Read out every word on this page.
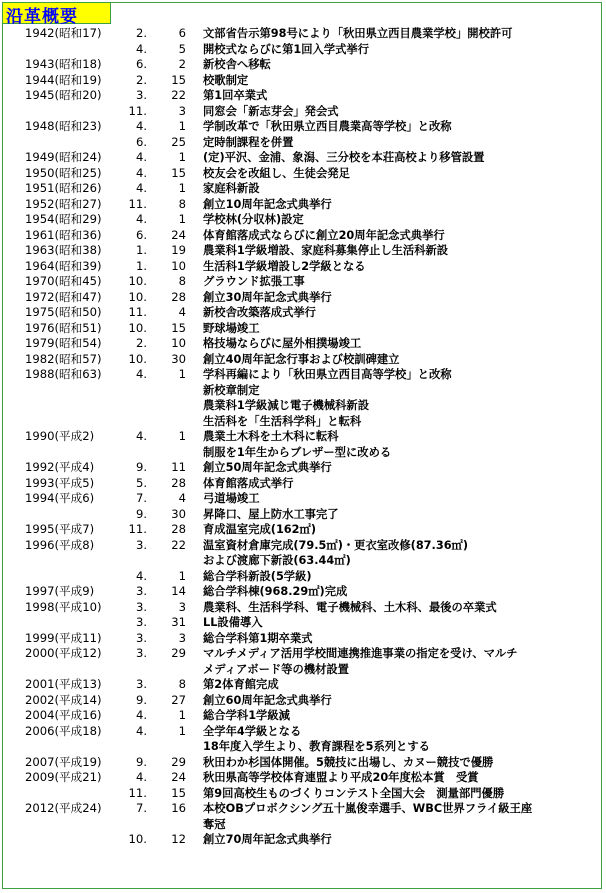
沿革概要
1942(昭和17)	2.	6 文部省告示第98号により「秋田県立西目農業学校」開校許可
4.	5 開校式ならびに第1回入学式挙行
1943(昭和18)	6.	2 新校舎へ移転
1944(昭和19)	2. 15 校歌制定
1945(昭和20)	3. 22 第1回卒業式
11.	3 同窓会「新志芽会」発会式
1948(昭和23)	4.	1 学制改革で「秋田県立西目農業高等学校」と改称
6. 25 定時制課程を併置
1949(昭和24)	4.	1 (定)平沢、金浦、象潟、三分校を本荘高校より移管設置
1950(昭和25)	4. 15 校友会を改組し、生徒会発足
1951(昭和26)	4.	1 家庭科新設
1952(昭和27) 11.	8 創立10周年記念式典挙行
1954(昭和29)	4.	1 学校林(分収林)設定
1961(昭和36)	6. 24 体育館落成式ならびに創立20周年記念式典挙行
1963(昭和38)	1. 19 農業科1学級増設、家庭科募集停止し生活科新設
1964(昭和39)	1. 10 生活科1学級増設し2学級となる
1970(昭和45) 10.	8 グラウンド拡張工事
1972(昭和47) 10. 28 創立30周年記念式典挙行
1975(昭和50) 11.	4 新校舎改築落成式挙行
1976(昭和51) 10. 15 野球場竣工
1979(昭和54)	2. 10 格技場ならびに屋外相撲場竣工
1982(昭和57) 10. 30 創立40周年記念行事および校訓碑建立
1988(昭和63)	4.	1 学科再編により「秋田県立西目高等学校」と改称
新校章制定
農業科1学級減じ電子機械科新設
生活科を「生活科学科」と転科
1990(平成2)	4.	1 農業土木科を土木科に転科
制服を1年生からブレザー型に改める
1992(平成4)	9. 11 創立50周年記念式典挙行
1993(平成5)	5. 28 体育館落成式挙行
1994(平成6)	7.	4 弓道場竣工
9. 30 昇降口、屋上防水工事完了
1995(平成7)	11. 28 育成温室完成(162㎡)
1996(平成8)	3. 22 温室資材倉庫完成(79.5㎡)・更衣室改修(87.36㎡)
および渡廊下新設(63.44㎡)
4.	1 総合学科新設(5学級)
1997(平成9)	3. 14 総合学科棟(968.29㎡)完成
1998(平成10)	3.	3 農業科、生活科学科、電子機械科、土木科、最後の卒業式
3. 31 LL設備導入
1999(平成11)	3.	3 総合学科第1期卒業式
2000(平成12)	3. 29 マルチメディア活用学校間連携推進事業の指定を受け、マルチ
メディアボード等の機材設置
2001(平成13)	3.	8 第2体育館完成
2002(平成14)	9. 27 創立60周年記念式典挙行
2004(平成16)	4.	1 総合学科1学級減
2006(平成18)	4.	1 全学年4学級となる
18年度入学生より、教育課程を5系列とする
2007(平成19)	9. 29 秋田わか杉国体開催。5競技に出場し、カヌー競技で優勝
2009(平成21)	4. 24 秋田県高等学校体育連盟より平成20年度松本賞　受賞
11. 15 第9回高校生ものづくりコンテスト全国大会　測量部門優勝
2012(平成24)	7. 16 本校OBプロボクシング五十嵐俊幸選手、WBC世界フライ級王座
奪冠
10. 12 創立70周年記念式典挙行
